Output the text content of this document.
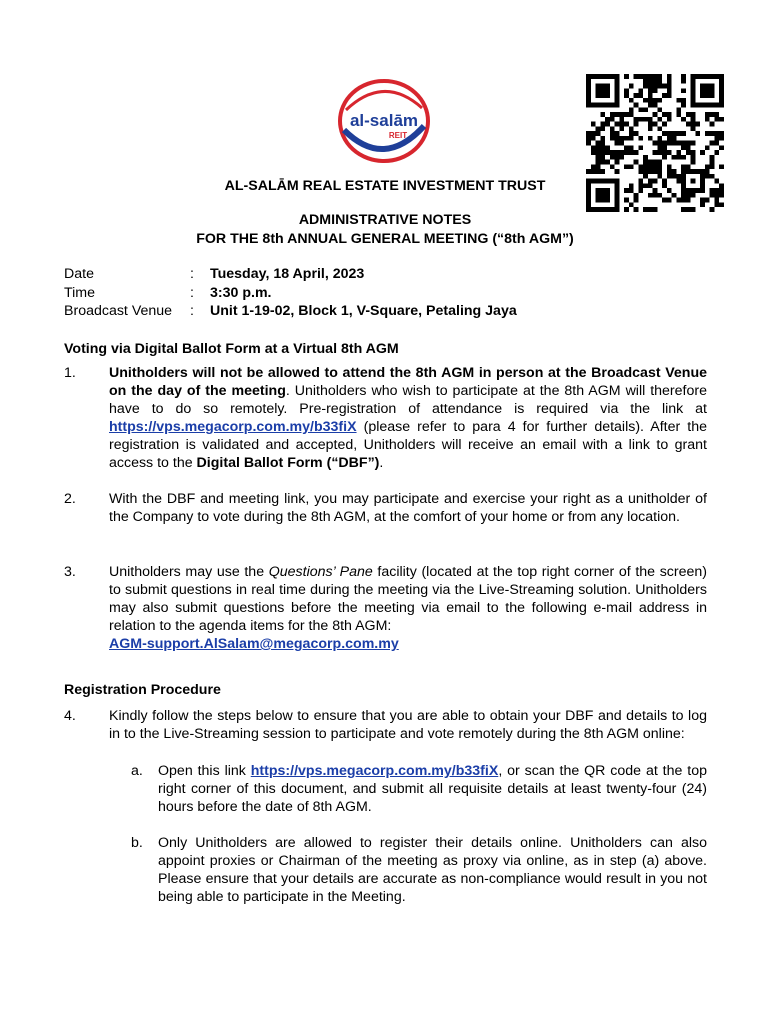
al-salām
REIT
AL-SALĀM REAL ESTATE INVESTMENT TRUST
ADMINISTRATIVE NOTES
FOR THE 8th ANNUAL GENERAL MEETING (“8th AGM”)
Date	:	Tuesday, 18 April, 2023
Time	:	3:30 p.m.
Broadcast Venue	:	Unit 1-19-02, Block 1, V-Square, Petaling Jaya
Voting via Digital Ballot Form at a Virtual 8th AGM
1. Unitholders will not be allowed to attend the 8th AGM in person at the Broadcast Venue on the day of the meeting. Unitholders who wish to participate at the 8th AGM will therefore have to do so remotely. Pre-registration of attendance is required via the link at https://vps.megacorp.com.my/b33fiX (please refer to para 4 for further details). After the registration is validated and accepted, Unitholders will receive an email with a link to grant access to the Digital Ballot Form (“DBF”).
2. With the DBF and meeting link, you may participate and exercise your right as a unitholder of the Company to vote during the 8th AGM, at the comfort of your home or from any location.
3. Unitholders may use the Questions’ Pane facility (located at the top right corner of the screen) to submit questions in real time during the meeting via the Live-Streaming solution. Unitholders may also submit questions before the meeting via email to the following e-mail address in relation to the agenda items for the 8th AGM:
AGM-support.AlSalam@megacorp.com.my
Registration Procedure
4. Kindly follow the steps below to ensure that you are able to obtain your DBF and details to log in to the Live-Streaming session to participate and vote remotely during the 8th AGM online:
a. Open this link https://vps.megacorp.com.my/b33fiX, or scan the QR code at the top right corner of this document, and submit all requisite details at least twenty-four (24) hours before the date of 8th AGM.
b. Only Unitholders are allowed to register their details online. Unitholders can also appoint proxies or Chairman of the meeting as proxy via online, as in step (a) above. Please ensure that your details are accurate as non-compliance would result in you not being able to participate in the Meeting.
